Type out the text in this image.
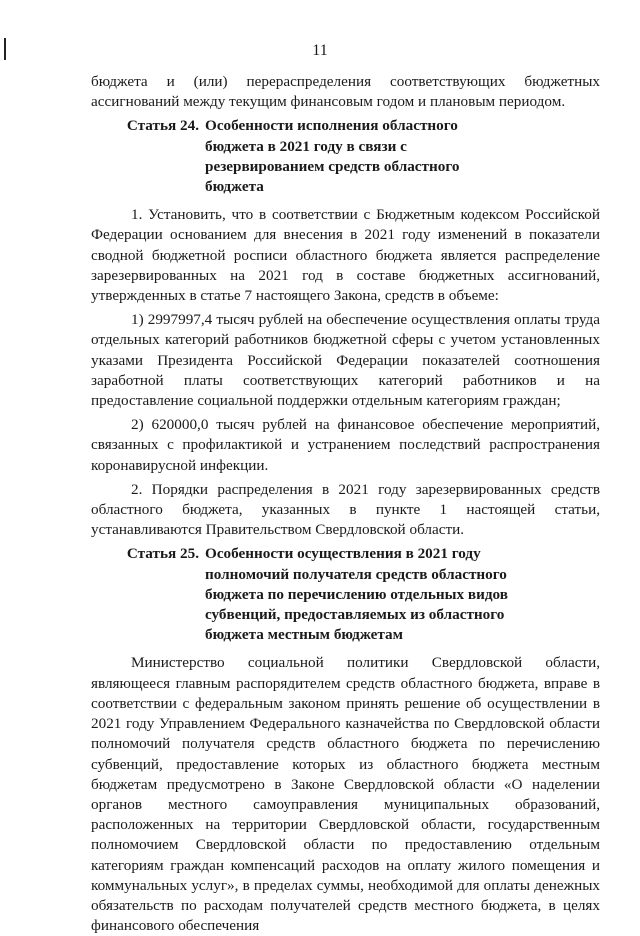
11

бюджета и (или) перераспределения соответствующих бюджетных ассигнований между текущим финансовым годом и плановым периодом.

Статья 24. Особенности исполнения областного бюджета в 2021 году в связи с резервированием средств областного бюджета

1. Установить, что в соответствии с Бюджетным кодексом Российской Федерации основанием для внесения в 2021 году изменений в показатели сводной бюджетной росписи областного бюджета является распределение зарезервированных на 2021 год в составе бюджетных ассигнований, утвержденных в статье 7 настоящего Закона, средств в объеме:

1) 2997997,4 тысяч рублей на обеспечение осуществления оплаты труда отдельных категорий работников бюджетной сферы с учетом установленных указами Президента Российской Федерации показателей соотношения заработной платы соответствующих категорий работников и на предоставление социальной поддержки отдельным категориям граждан;

2) 620000,0 тысяч рублей на финансовое обеспечение мероприятий, связанных с профилактикой и устранением последствий распространения коронавирусной инфекции.

2. Порядки распределения в 2021 году зарезервированных средств областного бюджета, указанных в пункте 1 настоящей статьи, устанавливаются Правительством Свердловской области.

Статья 25. Особенности осуществления в 2021 году полномочий получателя средств областного бюджета по перечислению отдельных видов субвенций, предоставляемых из областного бюджета местным бюджетам

Министерство социальной политики Свердловской области, являющееся главным распорядителем средств областного бюджета, вправе в соответствии с федеральным законом принять решение об осуществлении в 2021 году Управлением Федерального казначейства по Свердловской области полномочий получателя средств областного бюджета по перечислению субвенций, предоставление которых из областного бюджета местным бюджетам предусмотрено в Законе Свердловской области «О наделении органов местного самоуправления муниципальных образований, расположенных на территории Свердловской области, государственным полномочием Свердловской области по предоставлению отдельным категориям граждан компенсаций расходов на оплату жилого помещения и коммунальных услуг», в пределах суммы, необходимой для оплаты денежных обязательств по расходам получателей средств местного бюджета, в целях финансового обеспечения
